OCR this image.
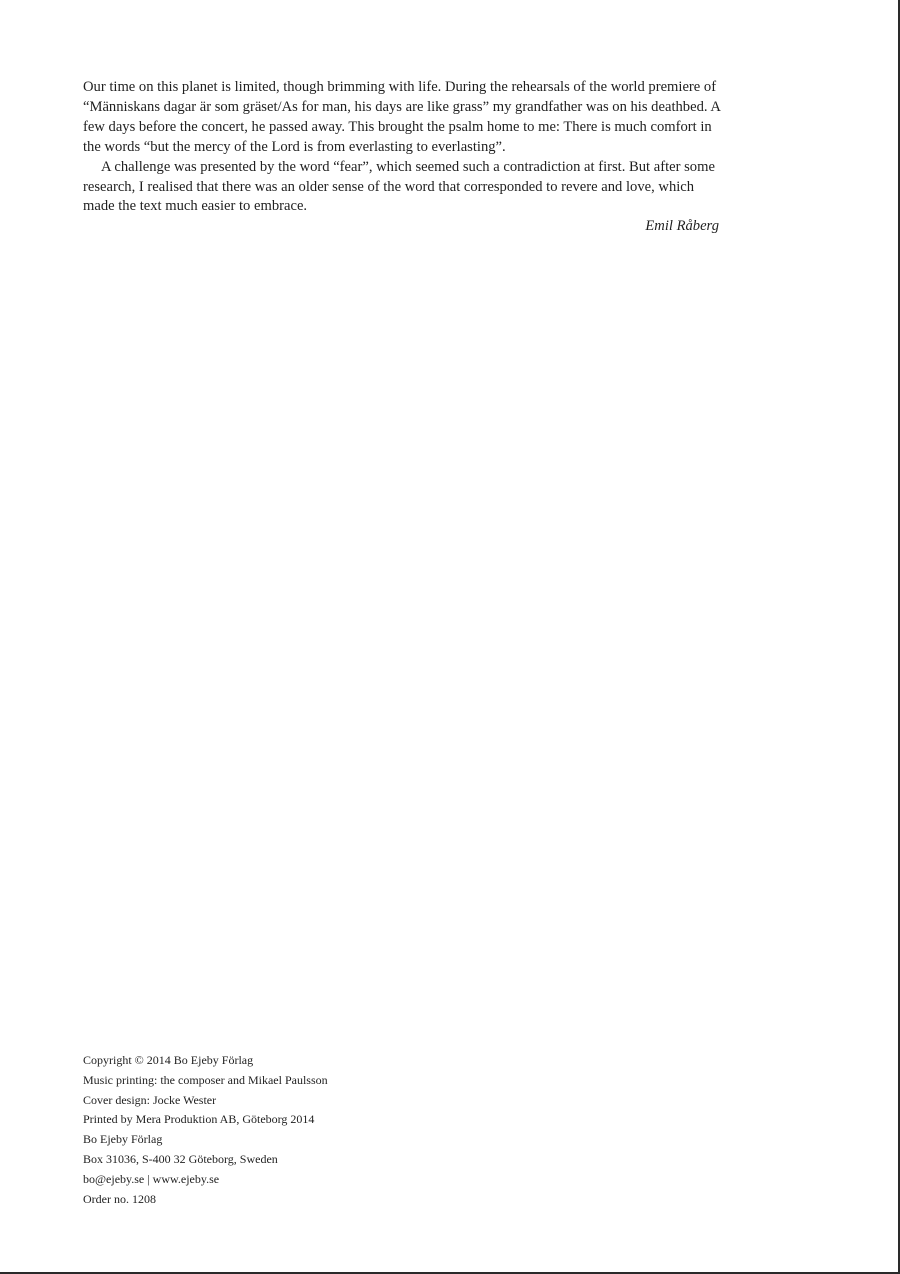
Our time on this planet is limited, though brimming with life. During the rehearsals of the world premiere of “Människans dagar är som gräset/As for man, his days are like grass” my grandfather was on his deathbed. A few days before the concert, he passed away. This brought the psalm home to me: There is much comfort in the words “but the mercy of the Lord is from everlasting to everlasting”.

A challenge was presented by the word “fear”, which seemed such a contradiction at first. But after some research, I realised that there was an older sense of the word that corresponded to revere and love, which made the text much easier to embrace.

Emil Råberg

Copyright © 2014 Bo Ejeby Förlag
Music printing: the composer and Mikael Paulsson
Cover design: Jocke Wester
Printed by Mera Produktion AB, Göteborg 2014
Bo Ejeby Förlag
Box 31036, S-400 32 Göteborg, Sweden
bo@ejeby.se | www.ejeby.se
Order no. 1208
